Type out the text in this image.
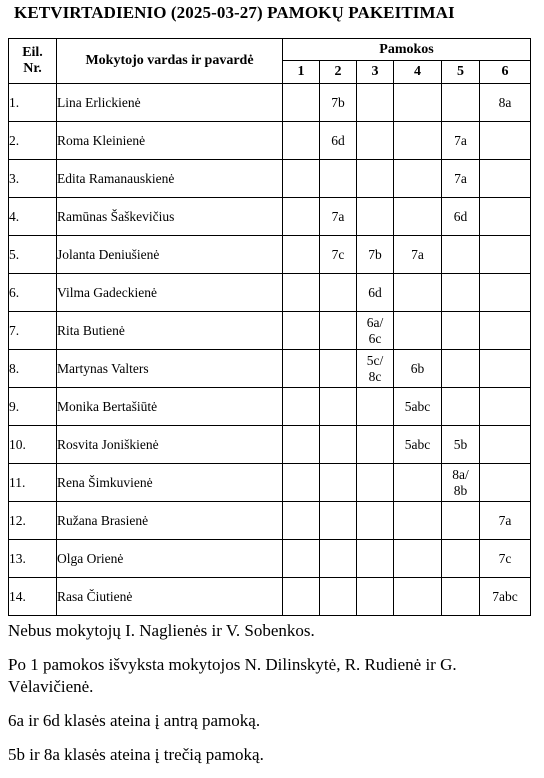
KETVIRTADIENIO (2025-03-27) PAMOKŲ PAKEITIMAI
Eil.
Nr.	Mokytojo vardas ir pavardė	Pamokos					
		1	2	3	4	5	6
1.	Lina Erlickienė		7b				8a
2.	Roma Kleinienė		6d			7a	
3.	Edita Ramanauskienė					7a	
4.	Ramūnas Šaškevičius		7a			6d	
5.	Jolanta Deniušienė		7c	7b	7a		
6.	Vilma Gadeckienė			6d			
7.	Rita Butienė			6a/
6c			
8.	Martynas Valters			5c/
8c	6b		
9.	Monika Bertašiūtė				5abc		
10.	Rosvita Joniškienė				5abc	5b	
11.	Rena Šimkuvienė					8a/
8b	
12.	Ružana Brasienė						7a
13.	Olga Orienė						7c
14.	Rasa Čiutienė						7abc

Nebus mokytojų I. Naglienės ir V. Sobenkos.

Po 1 pamokos išvyksta mokytojos N. Dilinskytė, R. Rudienė ir G. Vėlavičienė.

6a ir 6d klasės ateina į antrą pamoką.

5b ir 8a klasės ateina į trečią pamoką.
